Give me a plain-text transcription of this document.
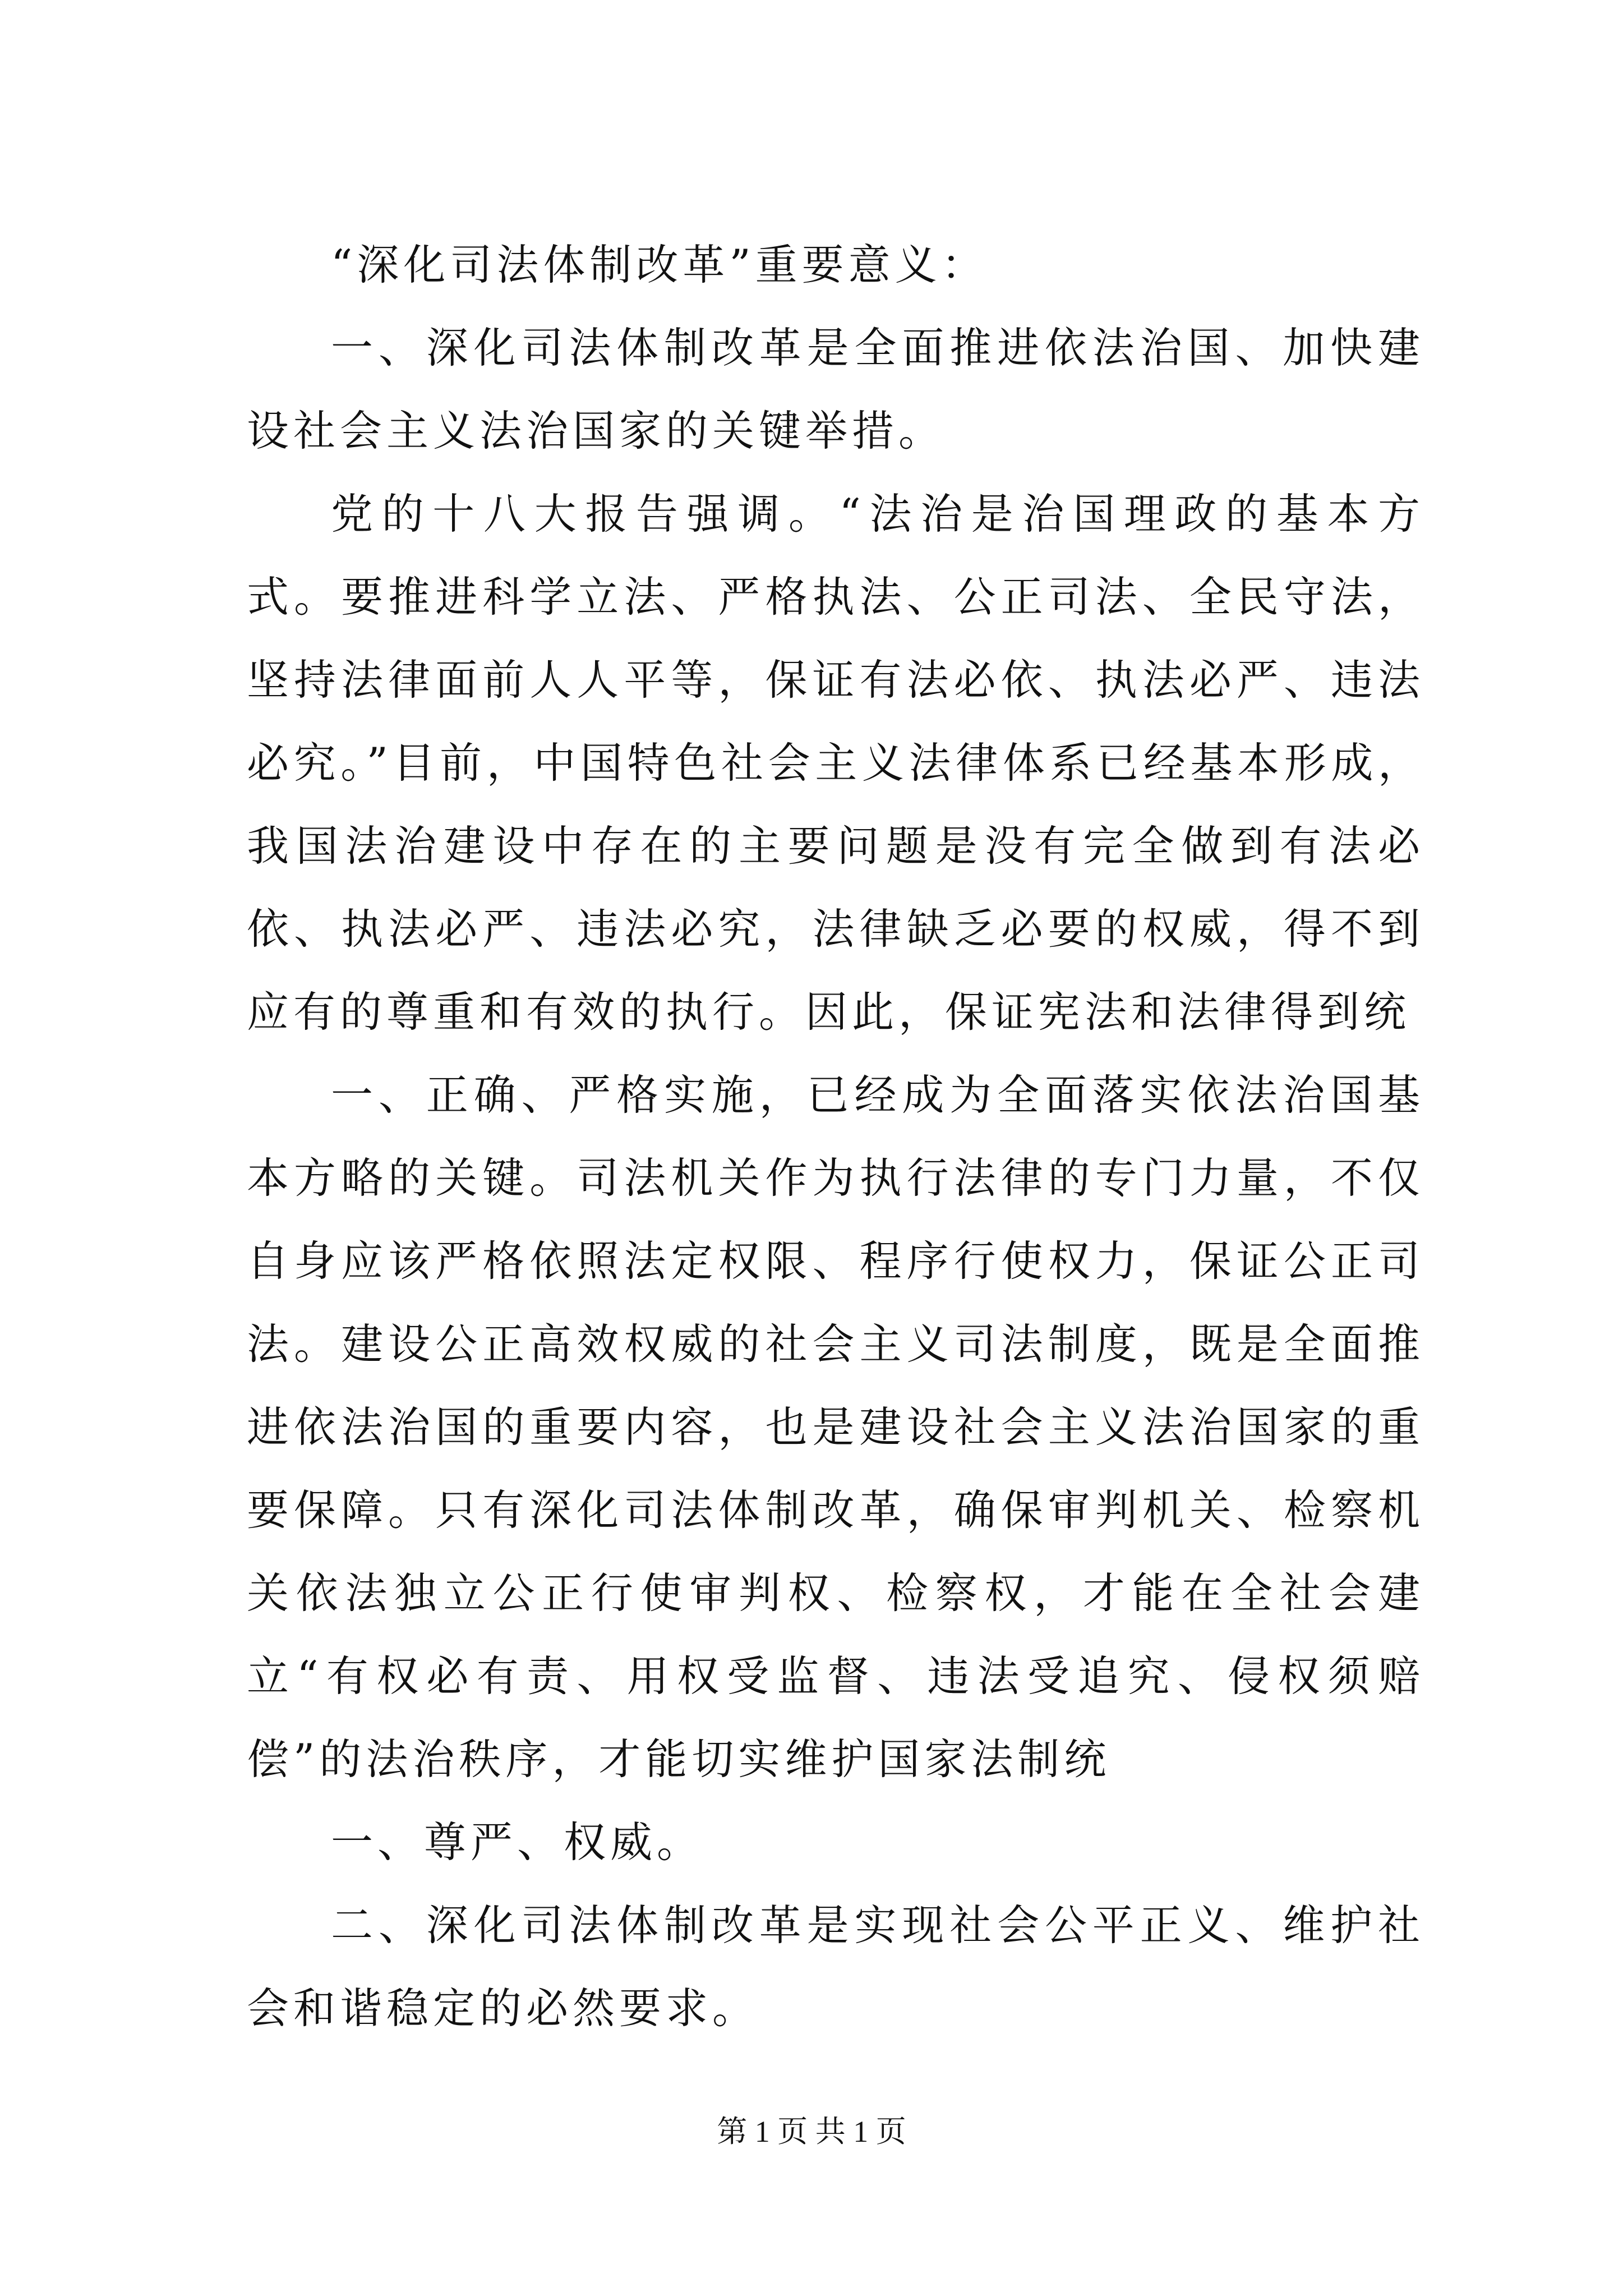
“深化司法体制改革”重要意义：

一、深化司法体制改革是全面推进依法治国、加快建设社会主义法治国家的关键举措。

党的十八大报告强调。“法治是治国理政的基本方式。要推进科学立法、严格执法、公正司法、全民守法，坚持法律面前人人平等，保证有法必依、执法必严、违法必究。”目前，中国特色社会主义法律体系已经基本形成，我国法治建设中存在的主要问题是没有完全做到有法必依、执法必严、违法必究，法律缺乏必要的权威，得不到应有的尊重和有效的执行。因此，保证宪法和法律得到统

一、正确、严格实施，已经成为全面落实依法治国基本方略的关键。司法机关作为执行法律的专门力量，不仅自身应该严格依照法定权限、程序行使权力，保证公正司法。建设公正高效权威的社会主义司法制度，既是全面推进依法治国的重要内容，也是建设社会主义法治国家的重要保障。只有深化司法体制改革，确保审判机关、检察机关依法独立公正行使审判权、检察权，才能在全社会建立“有权必有责、用权受监督、违法受追究、侵权须赔偿”的法治秩序，才能切实维护国家法制统

一、尊严、权威。

二、深化司法体制改革是实现社会公平正义、维护社会和谐稳定的必然要求。

第 1 页 共 1 页
